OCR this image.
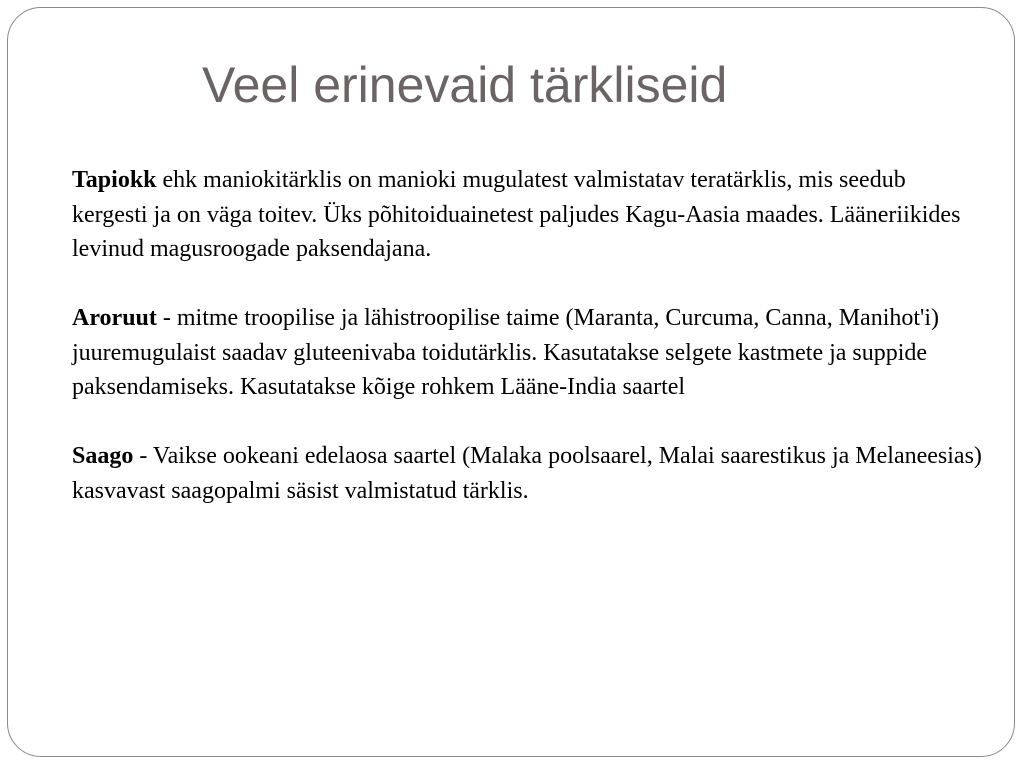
Veel erinevaid tärkliseid

Tapiokk ehk maniokitärklis on manioki mugulatest valmistatav teratärklis, mis seedub kergesti ja on väga toitev. Üks põhitoiduainetest paljudes Kagu-Aasia maades. Lääneriikides levinud magusroogade paksendajana.

Aroruut - mitme troopilise ja lähistroopilise taime (Maranta, Curcuma, Canna, Manihot'i) juuremugulaist saadav gluteenivaba toidutärklis. Kasutatakse selgete kastmete ja suppide paksendamiseks. Kasutatakse kõige rohkem Lääne-India saartel

Saago - Vaikse ookeani edelaosa saartel (Malaka poolsaarel, Malai saarestikus ja Melaneesias) kasvavast saagopalmi säsist valmistatud tärklis.
